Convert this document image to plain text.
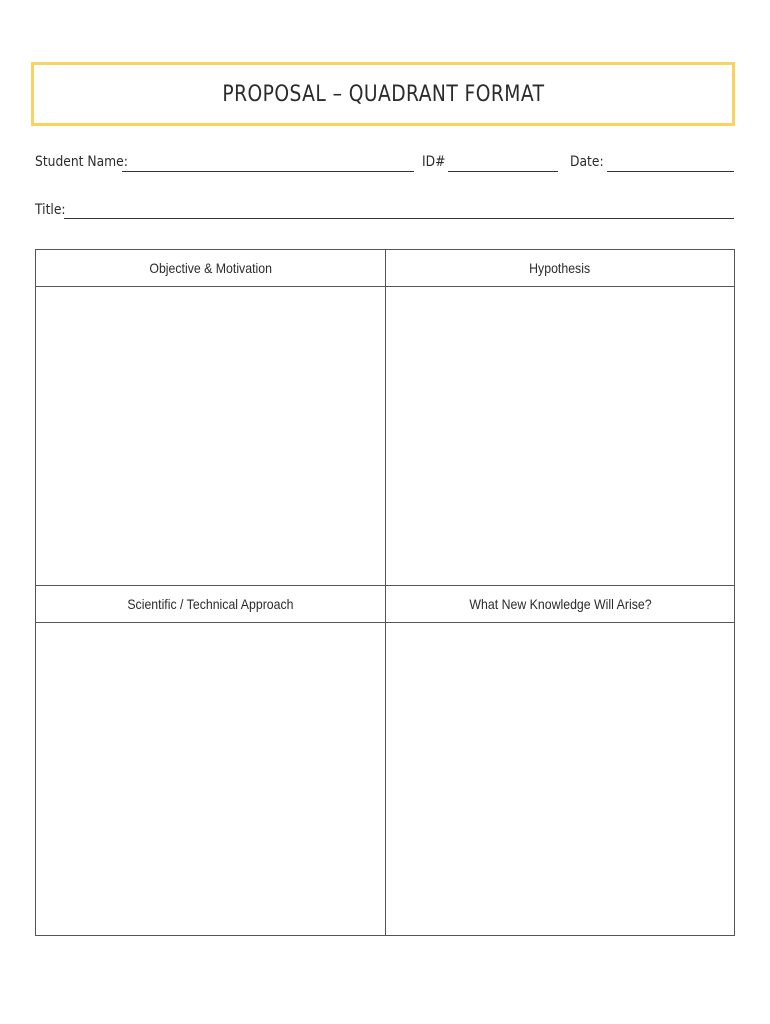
PROPOSAL – QUADRANT FORMAT
Student Name:	ID#	Date:
Title:
Objective & Motivation	Hypothesis
Scientific / Technical Approach	What New Knowledge Will Arise?
